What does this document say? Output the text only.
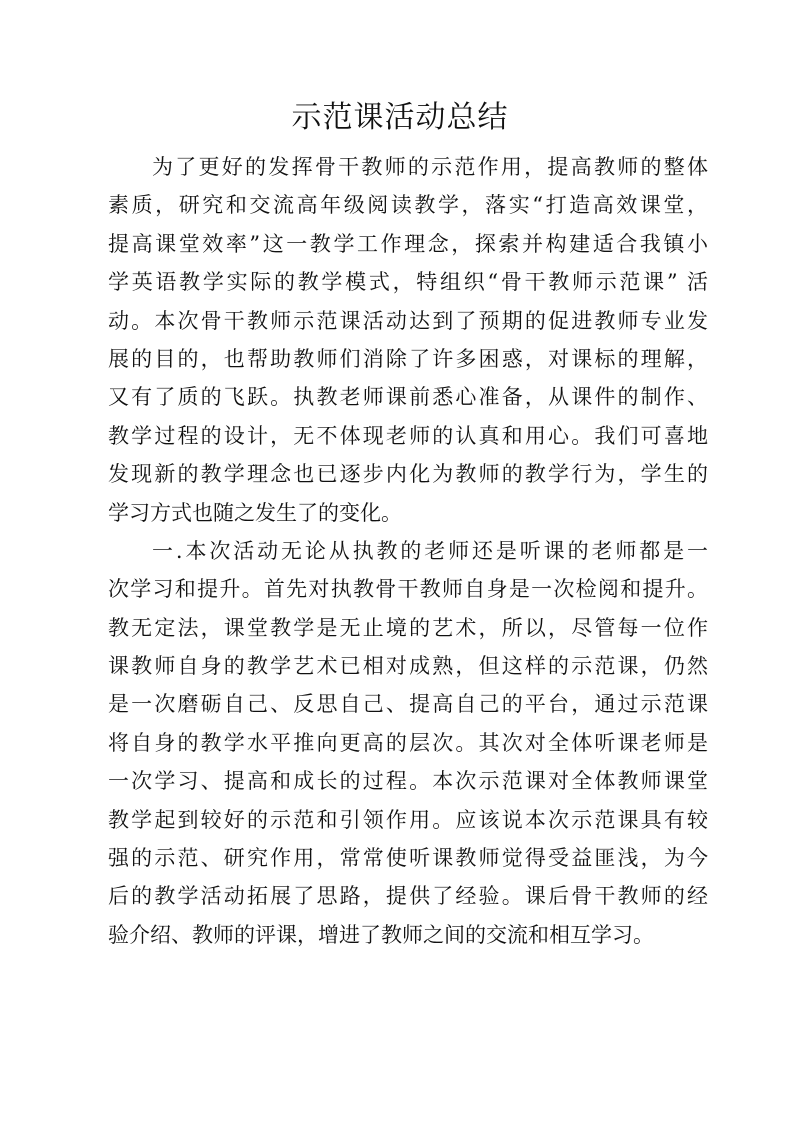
示范课活动总结
为了更好的发挥骨干教师的示范作用，提高教师的整体
素质，研究和交流高年级阅读教学，落实“打造高效课堂，
提高课堂效率”这一教学工作理念，探索并构建适合我镇小
学英语教学实际的教学模式，特组织“骨干教师示范课” 活
动。本次骨干教师示范课活动达到了预期的促进教师专业发
展的目的，也帮助教师们消除了许多困惑，对课标的理解，
又有了质的飞跃。执教老师课前悉心准备，从课件的制作、
教学过程的设计，无不体现老师的认真和用心。我们可喜地
发现新的教学理念也已逐步内化为教师的教学行为，学生的
学习方式也随之发生了的变化。
一.本次活动无论从执教的老师还是听课的老师都是一
次学习和提升。首先对执教骨干教师自身是一次检阅和提升。
教无定法，课堂教学是无止境的艺术，所以，尽管每一位作
课教师自身的教学艺术已相对成熟，但这样的示范课，仍然
是一次磨砺自己、反思自己、提高自己的平台，通过示范课
将自身的教学水平推向更高的层次。其次对全体听课老师是
一次学习、提高和成长的过程。本次示范课对全体教师课堂
教学起到较好的示范和引领作用。应该说本次示范课具有较
强的示范、研究作用，常常使听课教师觉得受益匪浅，为今
后的教学活动拓展了思路，提供了经验。课后骨干教师的经
验介绍、教师的评课，增进了教师之间的交流和相互学习。
